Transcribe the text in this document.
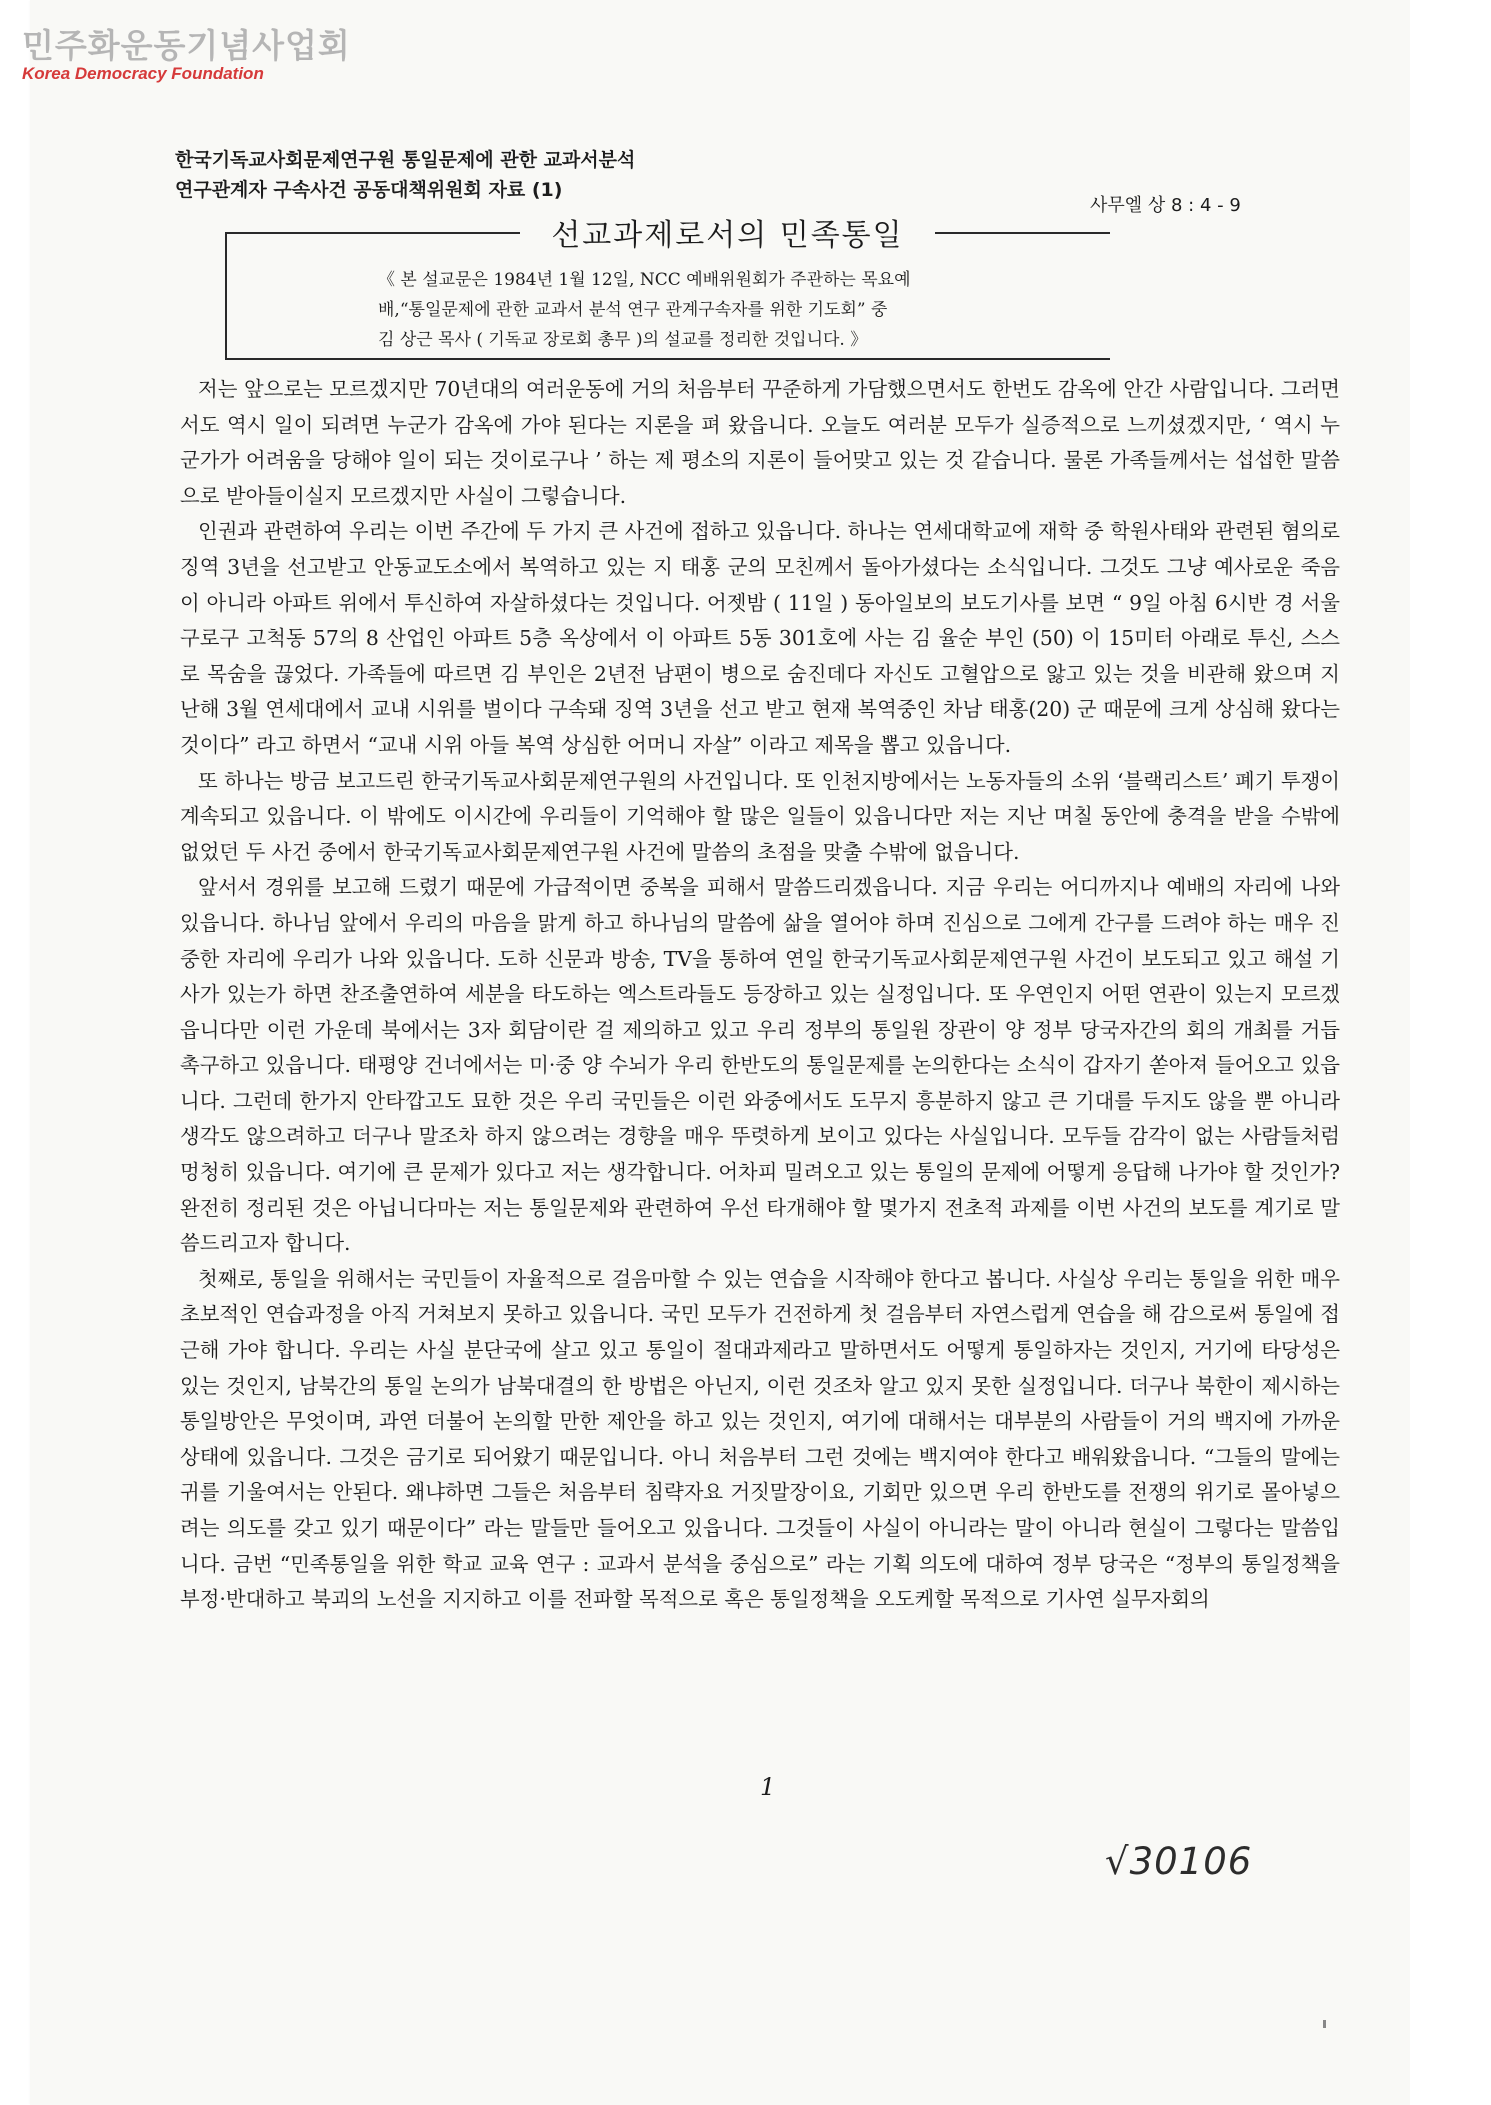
민주화운동기념사업회
Korea Democracy Foundation
한국기독교사회문제연구원 통일문제에 관한 교과서분석
연구관계자 구속사건 공동대책위원회 자료 (1)
사무엘 상 8 : 4 - 9
선교과제로서의 민족통일
《 본 설교문은 1984년 1월 12일, NCC 예배위원회가 주관하는 목요예
배,“통일문제에 관한 교과서 분석 연구 관계구속자를 위한 기도회” 중
김 상근 목사 ( 기독교 장로회 총무 )의 설교를 정리한 것입니다. 》

저는 앞으로는 모르겠지만 70년대의 여러운동에 거의 처음부터 꾸준하게 가담했으면서도 한번도 감옥에 안간 사람입니다. 그러면서도 역시 일이 되려면 누군가 감옥에 가야 된다는 지론을 펴 왔읍니다. 오늘도 여러분 모두가 실증적으로 느끼셨겠지만, ‘ 역시 누군가가 어려움을 당해야 일이 되는 것이로구나 ’ 하는 제 평소의 지론이 들어맞고 있는 것 같습니다. 물론 가족들께서는 섭섭한 말씀으로 받아들이실지 모르겠지만 사실이 그렇습니다.

인권과 관련하여 우리는 이번 주간에 두 가지 큰 사건에 접하고 있읍니다. 하나는 연세대학교에 재학 중 학원사태와 관련된 혐의로 징역 3년을 선고받고 안동교도소에서 복역하고 있는 지 태홍 군의 모친께서 돌아가셨다는 소식입니다. 그것도 그냥 예사로운 죽음이 아니라 아파트 위에서 투신하여 자살하셨다는 것입니다. 어젯밤 ( 11일 ) 동아일보의 보도기사를 보면 “ 9일 아침 6시반 경 서울 구로구 고척동 57의 8 산업인 아파트 5층 옥상에서 이 아파트 5동 301호에 사는 김 율순 부인 (50) 이 15미터 아래로 투신, 스스로 목숨을 끊었다. 가족들에 따르면 김 부인은 2년전 남편이 병으로 숨진데다 자신도 고혈압으로 앓고 있는 것을 비관해 왔으며 지난해 3월 연세대에서 교내 시위를 벌이다 구속돼 징역 3년을 선고 받고 현재 복역중인 차남 태홍(20) 군 때문에 크게 상심해 왔다는 것이다” 라고 하면서 “교내 시위 아들 복역 상심한 어머니 자살” 이라고 제목을 뽑고 있읍니다.

또 하나는 방금 보고드린 한국기독교사회문제연구원의 사건입니다. 또 인천지방에서는 노동자들의 소위 ‘블랙리스트’ 폐기 투쟁이 계속되고 있읍니다. 이 밖에도 이시간에 우리들이 기억해야 할 많은 일들이 있읍니다만 저는 지난 며칠 동안에 충격을 받을 수밖에 없었던 두 사건 중에서 한국기독교사회문제연구원 사건에 말씀의 초점을 맞출 수밖에 없읍니다.

앞서서 경위를 보고해 드렸기 때문에 가급적이면 중복을 피해서 말씀드리겠읍니다. 지금 우리는 어디까지나 예배의 자리에 나와 있읍니다. 하나님 앞에서 우리의 마음을 맑게 하고 하나님의 말씀에 삶을 열어야 하며 진심으로 그에게 간구를 드려야 하는 매우 진중한 자리에 우리가 나와 있읍니다. 도하 신문과 방송, TV을 통하여 연일 한국기독교사회문제연구원 사건이 보도되고 있고 해설 기사가 있는가 하면 찬조출연하여 세분을 타도하는 엑스트라들도 등장하고 있는 실정입니다. 또 우연인지 어떤 연관이 있는지 모르겠읍니다만 이런 가운데 북에서는 3자 회담이란 걸 제의하고 있고 우리 정부의 통일원 장관이 양 정부 당국자간의 회의 개최를 거듭 촉구하고 있읍니다. 태평양 건너에서는 미·중 양 수뇌가 우리 한반도의 통일문제를 논의한다는 소식이 갑자기 쏟아져 들어오고 있읍니다. 그런데 한가지 안타깝고도 묘한 것은 우리 국민들은 이런 와중에서도 도무지 흥분하지 않고 큰 기대를 두지도 않을 뿐 아니라 생각도 않으려하고 더구나 말조차 하지 않으려는 경향을 매우 뚜렷하게 보이고 있다는 사실입니다. 모두들 감각이 없는 사람들처럼 멍청히 있읍니다. 여기에 큰 문제가 있다고 저는 생각합니다. 어차피 밀려오고 있는 통일의 문제에 어떻게 응답해 나가야 할 것인가? 완전히 정리된 것은 아닙니다마는 저는 통일문제와 관련하여 우선 타개해야 할 몇가지 전초적 과제를 이번 사건의 보도를 계기로 말씀드리고자 합니다.

첫째로, 통일을 위해서는 국민들이 자율적으로 걸음마할 수 있는 연습을 시작해야 한다고 봅니다. 사실상 우리는 통일을 위한 매우 초보적인 연습과정을 아직 거쳐보지 못하고 있읍니다. 국민 모두가 건전하게 첫 걸음부터 자연스럽게 연습을 해 감으로써 통일에 접근해 가야 합니다. 우리는 사실 분단국에 살고 있고 통일이 절대과제라고 말하면서도 어떻게 통일하자는 것인지, 거기에 타당성은 있는 것인지, 남북간의 통일 논의가 남북대결의 한 방법은 아닌지, 이런 것조차 알고 있지 못한 실정입니다. 더구나 북한이 제시하는 통일방안은 무엇이며, 과연 더불어 논의할 만한 제안을 하고 있는 것인지, 여기에 대해서는 대부분의 사람들이 거의 백지에 가까운 상태에 있읍니다. 그것은 금기로 되어왔기 때문입니다. 아니 처음부터 그런 것에는 백지여야 한다고 배워왔읍니다. “그들의 말에는 귀를 기울여서는 안된다. 왜냐하면 그들은 처음부터 침략자요 거짓말장이요, 기회만 있으면 우리 한반도를 전쟁의 위기로 몰아넣으려는 의도를 갖고 있기 때문이다” 라는 말들만 들어오고 있읍니다. 그것들이 사실이 아니라는 말이 아니라 현실이 그렇다는 말씀입니다. 금번 “민족통일을 위한 학교 교육 연구 : 교과서 분석을 중심으로” 라는 기획 의도에 대하여 정부 당국은 “정부의 통일정책을 부정·반대하고 북괴의 노선을 지지하고 이를 전파할 목적으로 혹은 통일정책을 오도케할 목적으로 기사연 실무자회의

1
√30106
